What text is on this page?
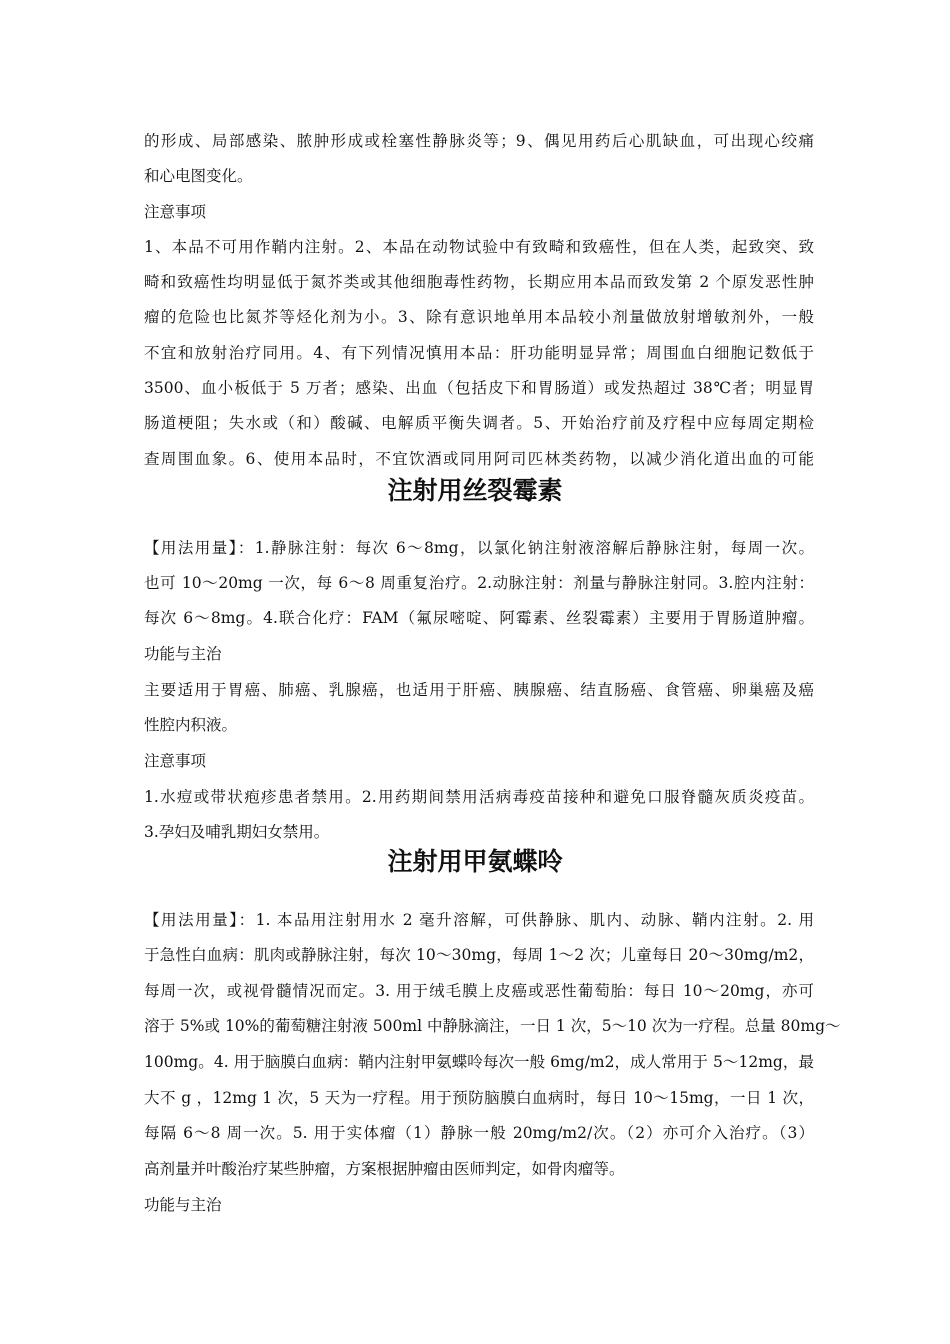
的形成、局部感染、脓肿形成或栓塞性静脉炎等；9、偶见用药后心肌缺血，可出现心绞痛
和心电图变化。
注意事项
1、本品不可用作鞘内注射。2、本品在动物试验中有致畸和致癌性，但在人类，起致突、致
畸和致癌性均明显低于氮芥类或其他细胞毒性药物，长期应用本品而致发第 2 个原发恶性肿
瘤的危险也比氮芥等烃化剂为小。3、除有意识地单用本品较小剂量做放射增敏剂外，一般
不宜和放射治疗同用。4、有下列情况慎用本品：肝功能明显异常；周围血白细胞记数低于
3500、血小板低于 5 万者；感染、出血（包括皮下和胃肠道）或发热超过 38℃者；明显胃
肠道梗阻；失水或（和）酸碱、电解质平衡失调者。5、开始治疗前及疗程中应每周定期检
查周围血象。6、使用本品时，不宜饮酒或同用阿司匹林类药物，以减少消化道出血的可能
注射用丝裂霉素
【用法用量】：1.静脉注射：每次 6～8mg，以氯化钠注射液溶解后静脉注射，每周一次。
也可 10～20mg 一次，每 6～8 周重复治疗。2.动脉注射：剂量与静脉注射同。3.腔内注射：
每次 6～8mg。4.联合化疗：FAM（氟尿嘧啶、阿霉素、丝裂霉素）主要用于胃肠道肿瘤。
功能与主治
主要适用于胃癌、肺癌、乳腺癌，也适用于肝癌、胰腺癌、结直肠癌、食管癌、卵巢癌及癌
性腔内积液。
注意事项
1.水痘或带状疱疹患者禁用。2.用药期间禁用活病毒疫苗接种和避免口服脊髓灰质炎疫苗。
3.孕妇及哺乳期妇女禁用。
注射用甲氨蝶呤
【用法用量】：1. 本品用注射用水 2 毫升溶解，可供静脉、肌内、动脉、鞘内注射。2. 用
于急性白血病：肌肉或静脉注射，每次 10～30mg，每周 1～2 次；儿童每日 20～30mg/m2，
每周一次，或视骨髓情况而定。3. 用于绒毛膜上皮癌或恶性葡萄胎：每日 10～20mg，亦可
溶于 5%或 10%的葡萄糖注射液 500ml 中静脉滴注，一日 1 次，5～10 次为一疗程。总量 80mg～
100mg。4. 用于脑膜白血病：鞘内注射甲氨蝶呤每次一般 6mg/m2，成人常用于 5～12mg，最
大不 g ，12mg 1 次，5 天为一疗程。用于预防脑膜白血病时，每日 10～15mg，一日 1 次，
每隔 6～8 周一次。5. 用于实体瘤（1）静脉一般 20mg/m2/次。（2）亦可介入治疗。（3）
高剂量并叶酸治疗某些肿瘤，方案根据肿瘤由医师判定，如骨肉瘤等。
功能与主治
